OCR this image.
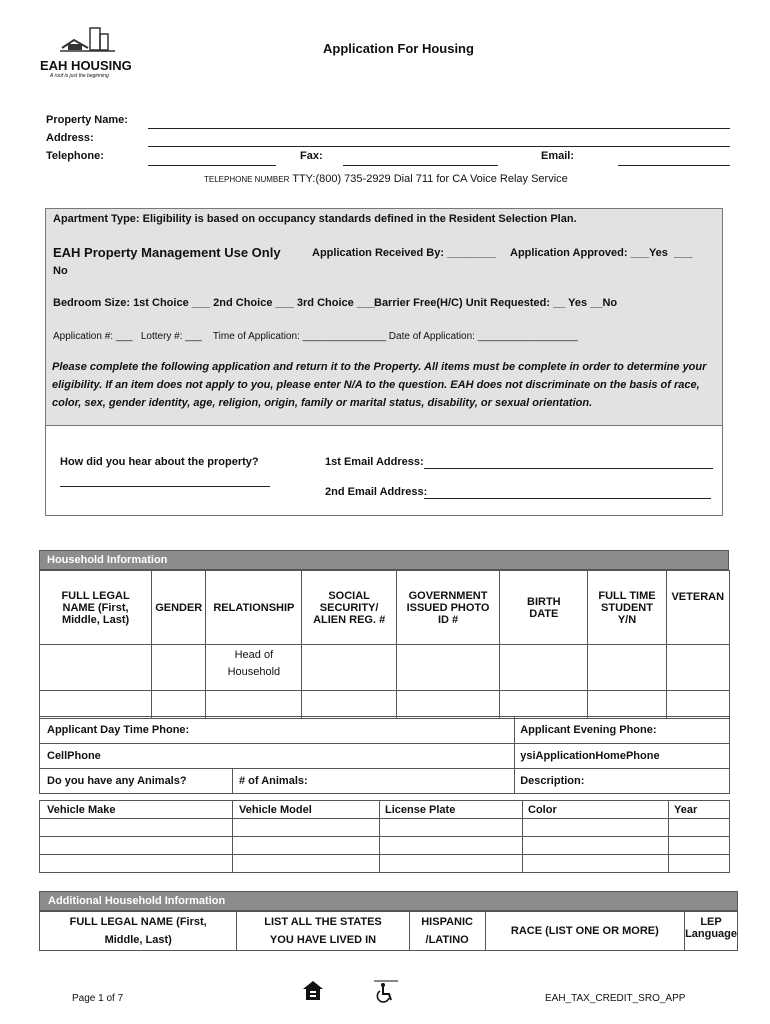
EAH HOUSING
A roof is just the beginning
Application For Housing
Property Name:
Address:
Telephone:	Fax:	Email:
TELEPHONE NUMBER TTY:(800) 735-2929 Dial 711 for CA Voice Relay Service
Apartment Type: Eligibility is based on occupancy standards defined in the Resident Selection Plan.
EAH Property Management Use Only	Application Received By: ________ Application Approved: ___Yes  ___
No
Bedroom Size: 1st Choice ___ 2nd Choice ___ 3rd Choice ___
Barrier Free(H/C) Unit Requested: __ Yes __No
Application #: ___   Lottery #: ___    Time of Application: _______________ Date of Application: __________________
Please complete the following application and return it to the Property. All items must be complete in order to determine your eligibility. If an item does not apply to you, please enter N/A to the question. EAH does not discriminate on the basis of race, color, sex, gender identity, age, religion, origin, family or marital status, disability, or sexual orientation.
How did you hear about the property?	1st Email Address:
2nd Email Address:
Household Information
FULL LEGAL NAME (First, Middle, Last)	GENDER	RELATIONSHIP	SOCIAL SECURITY/ ALIEN REG. #	GOVERNMENT ISSUED PHOTO ID #	BIRTH DATE	FULL TIME STUDENT Y/N	VETERAN
		Head of Household					

Applicant Day Time Phone:		Applicant Evening Phone:
CellPhone		ysiApplicationHomePhone
Do you have any Animals?	# of Animals:	Description:
Vehicle Make	Vehicle Model	License Plate	Color	Year

Additional Household Information
FULL LEGAL NAME (First, Middle, Last)	LIST ALL THE STATES YOU HAVE LIVED IN	HISPANIC /LATINO	RACE (LIST ONE OR MORE)	LEP Language
Page 1 of 7	EAH_TAX_CREDIT_SRO_APP
